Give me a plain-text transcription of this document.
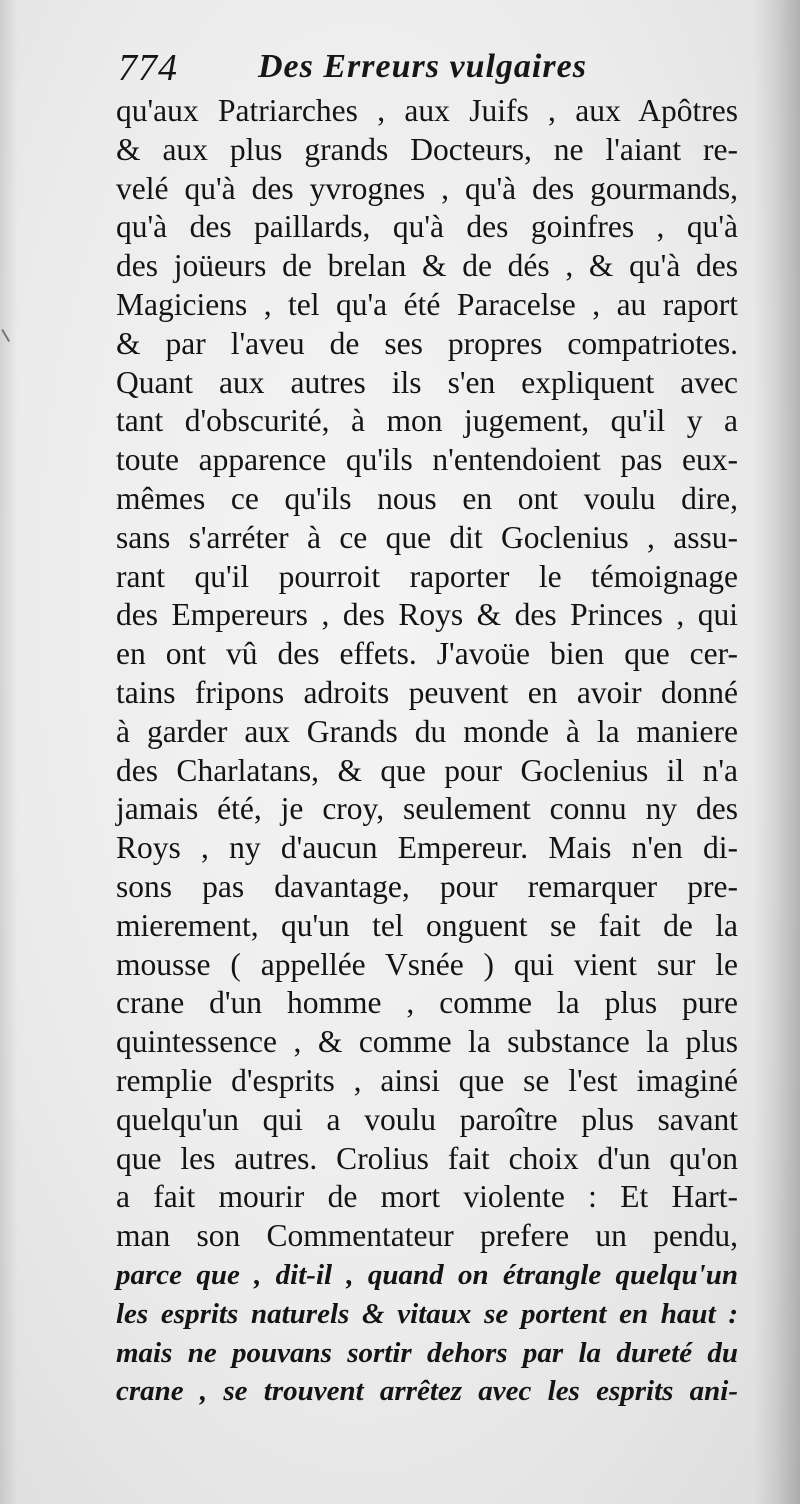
774 Des Erreurs vulgaires
qu'aux Patriarches , aux Juifs , aux Apôtres
& aux plus grands Docteurs, ne l'aiant re-
velé qu'à des yvrognes , qu'à des gourmands,
qu'à des paillards, qu'à des goinfres , qu'à
des joüeurs de brelan & de dés , & qu'à des
Magiciens , tel qu'a été Paracelse , au raport
& par l'aveu de ses propres compatriotes.
Quant aux autres ils s'en expliquent avec
tant d'obscurité, à mon jugement, qu'il y a
toute apparence qu'ils n'entendoient pas eux-
mêmes ce qu'ils nous en ont voulu dire,
sans s'arréter à ce que dit Goclenius , assu-
rant qu'il pourroit raporter le témoignage
des Empereurs , des Roys & des Princes , qui
en ont vû des effets. J'avoüe bien que cer-
tains fripons adroits peuvent en avoir donné
à garder aux Grands du monde à la maniere
des Charlatans, & que pour Goclenius il n'a
jamais été, je croy, seulement connu ny des
Roys , ny d'aucun Empereur. Mais n'en di-
sons pas davantage, pour remarquer pre-
mierement, qu'un tel onguent se fait de la
mousse ( appellée Vsnée ) qui vient sur le
crane d'un homme , comme la plus pure
quintessence , & comme la substance la plus
remplie d'esprits , ainsi que se l'est imaginé
quelqu'un qui a voulu paroître plus savant
que les autres. Crolius fait choix d'un qu'on
a fait mourir de mort violente : Et Hart-
man son Commentateur prefere un pendu,
parce que , dit-il , quand on étrangle quelqu'un
les esprits naturels & vitaux se portent en haut :
mais ne pouvans sortir dehors par la dureté du
crane , se trouvent arrêtez avec les esprits ani-
